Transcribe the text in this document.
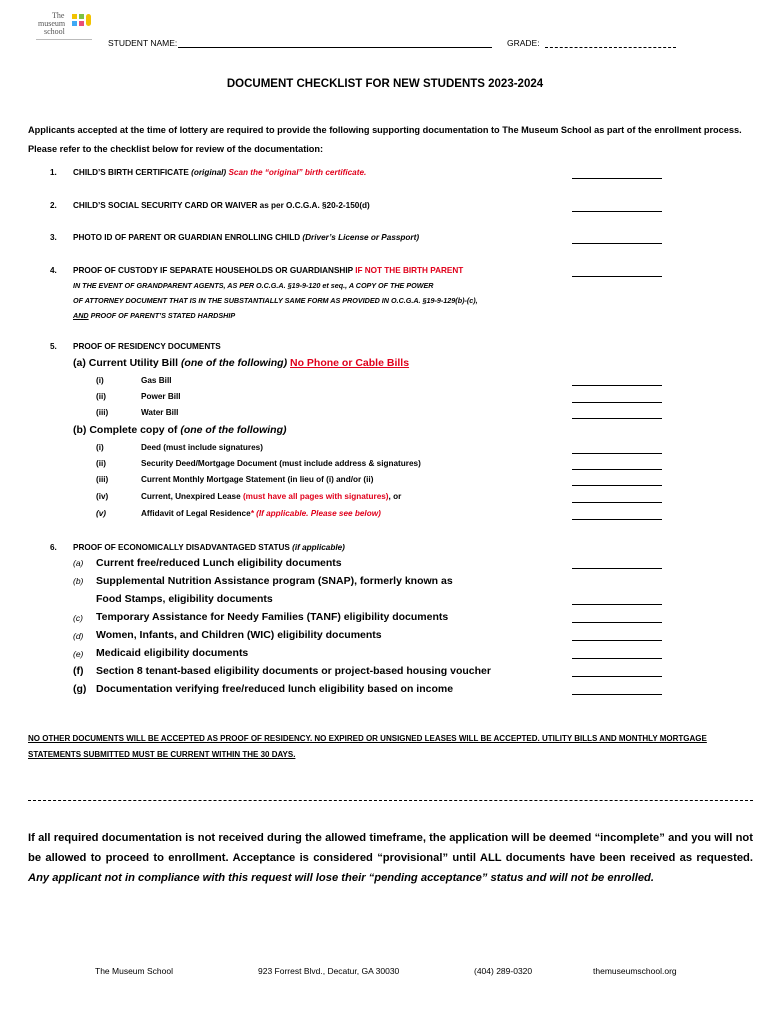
The
museum
school
STUDENT NAME:	GRADE:
DOCUMENT CHECKLIST FOR NEW STUDENTS 2023-2024
Applicants accepted at the time of lottery are required to provide the following supporting documentation to The Museum School as part of the enrollment process. Please refer to the checklist below for review of the documentation:
1. CHILD’S BIRTH CERTIFICATE (original) Scan the “original” birth certificate.
2. CHILD’S SOCIAL SECURITY CARD OR WAIVER as per O.C.G.A. §20-2-150(d)
3. PHOTO ID OF PARENT OR GUARDIAN ENROLLING CHILD (Driver’s License or Passport)
4. PROOF OF CUSTODY IF SEPARATE HOUSEHOLDS OR GUARDIANSHIP IF NOT THE BIRTH PARENT
IN THE EVENT OF GRANDPARENT AGENTS, AS PER O.C.G.A. §19-9-120 et seq., A COPY OF THE POWER
OF ATTORNEY DOCUMENT THAT IS IN THE SUBSTANTIALLY SAME FORM AS PROVIDED IN O.C.G.A. §19-9-129(b)-(c),
AND PROOF OF PARENT’S STATED HARDSHIP
5. PROOF OF RESIDENCY DOCUMENTS
(a) Current Utility Bill (one of the following) No Phone or Cable Bills
(i)	Gas Bill
(ii)	Power Bill
(iii)	Water Bill
(b) Complete copy of (one of the following)
(i)	Deed (must include signatures)
(ii)	Security Deed/Mortgage Document (must include address & signatures)
(iii)	Current Monthly Mortgage Statement (in lieu of (i) and/or (ii)
(iv)	Current, Unexpired Lease (must have all pages with signatures), or
(v)	Affidavit of Legal Residence* (If applicable. Please see below)
6. PROOF OF ECONOMICALLY DISADVANTAGED STATUS (if applicable)
(a) Current free/reduced Lunch eligibility documents
(b) Supplemental Nutrition Assistance program (SNAP), formerly known as
Food Stamps, eligibility documents
(c) Temporary Assistance for Needy Families (TANF) eligibility documents
(d) Women, Infants, and Children (WIC) eligibility documents
(e) Medicaid eligibility documents
(f) Section 8 tenant-based eligibility documents or project-based housing voucher
(g) Documentation verifying free/reduced lunch eligibility based on income
NO OTHER DOCUMENTS WILL BE ACCEPTED AS PROOF OF RESIDENCY. NO EXPIRED OR UNSIGNED LEASES WILL BE ACCEPTED. UTILITY BILLS AND MONTHLY MORTGAGE STATEMENTS SUBMITTED MUST BE CURRENT WITHIN THE 30 DAYS.
If all required documentation is not received during the allowed timeframe, the application will be deemed “incomplete” and you will not be allowed to proceed to enrollment. Acceptance is considered “provisional” until ALL documents have been received as requested. Any applicant not in compliance with this request will lose their “pending acceptance” status and will not be enrolled.
The Museum School	923 Forrest Blvd., Decatur, GA 30030	(404) 289-0320	themuseumschool.org
